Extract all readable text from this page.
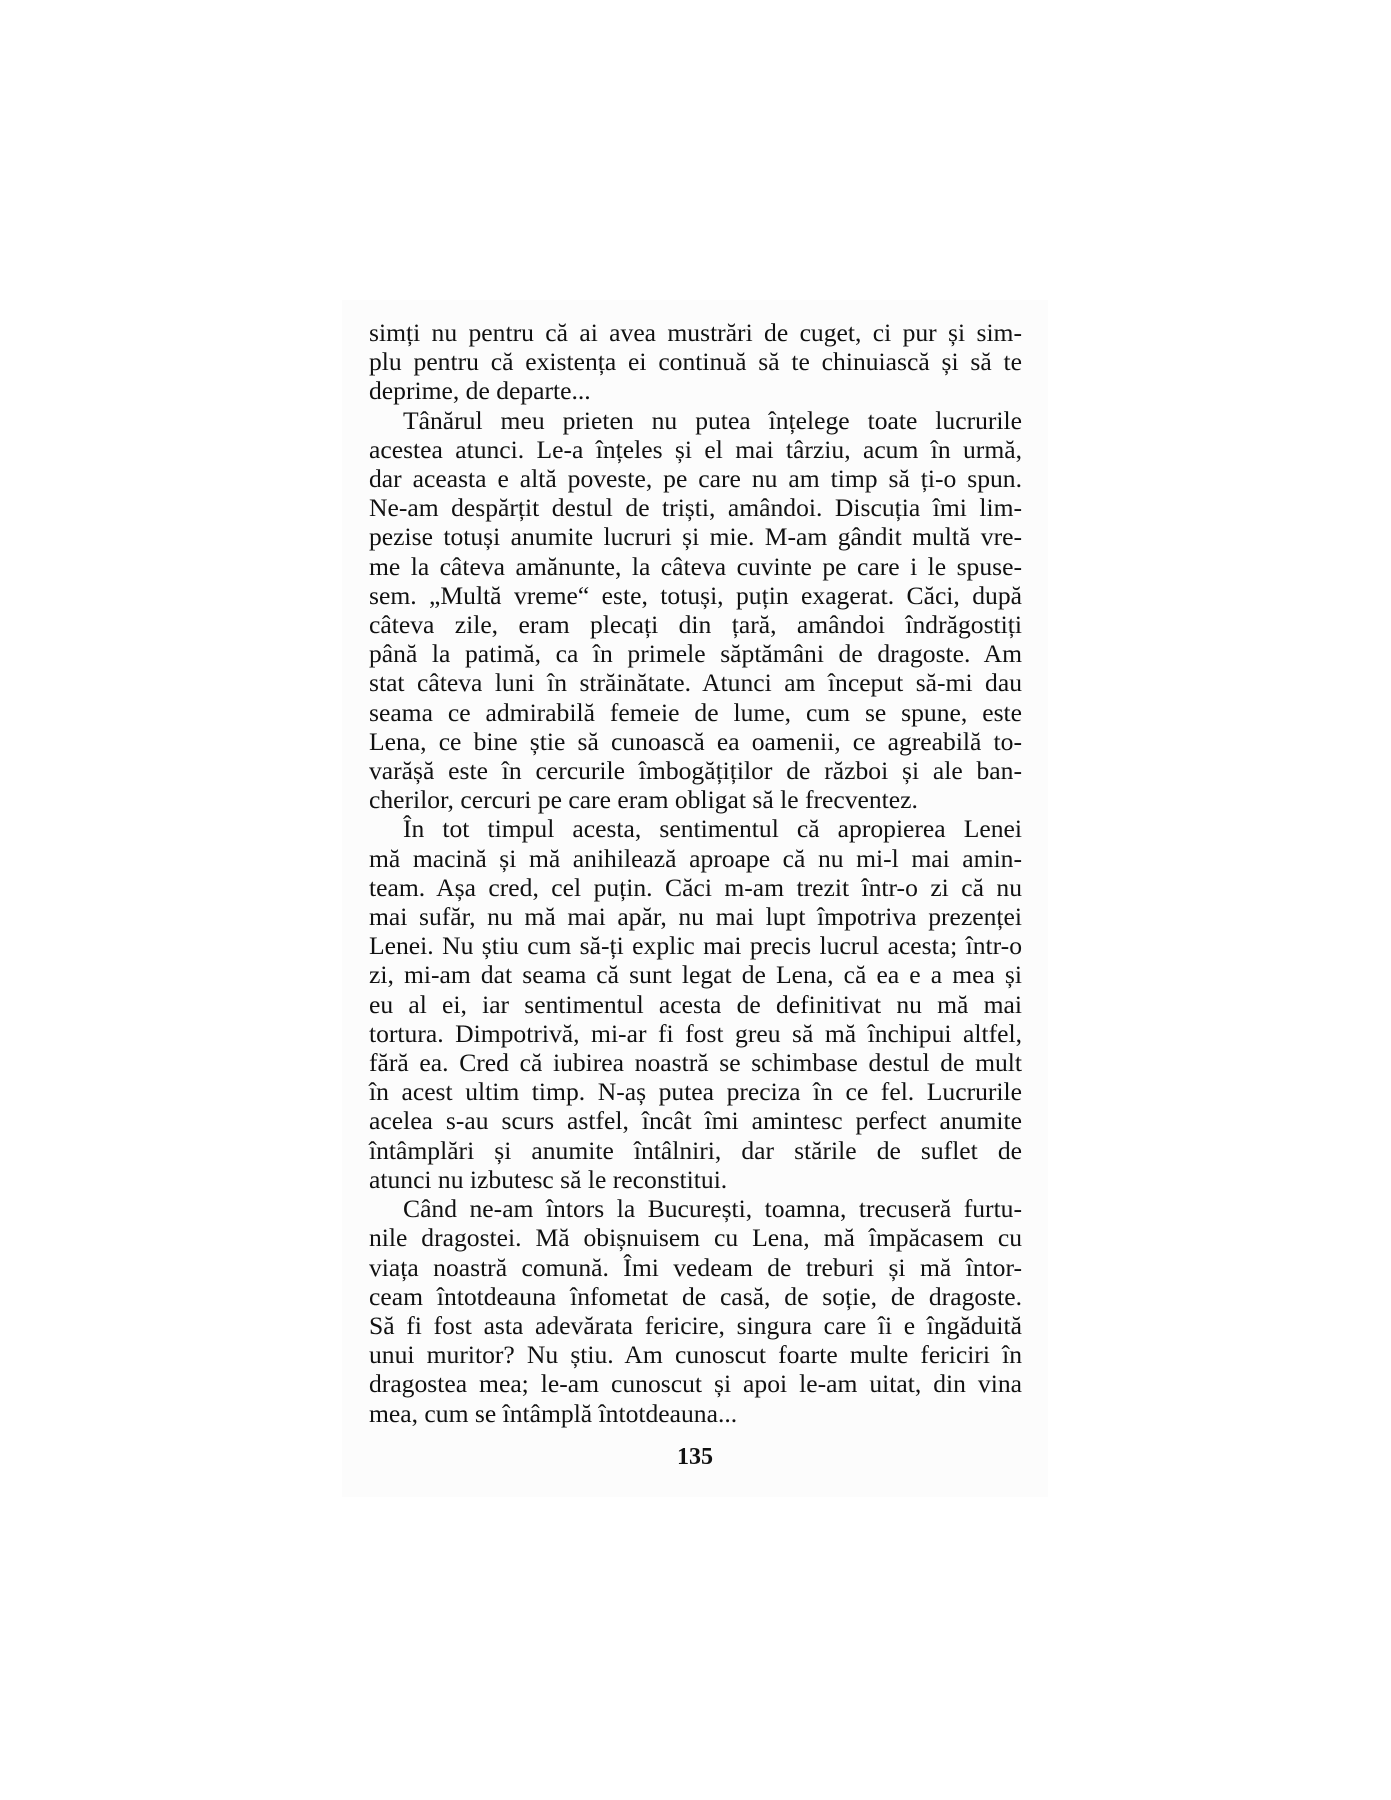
simți nu pentru că ai avea mustrări de cuget, ci pur și sim-
plu pentru că existența ei continuă să te chinuiască și să te
deprime, de departe...
Tânărul meu prieten nu putea înțelege toate lucrurile
acestea atunci. Le-a înțeles și el mai târziu, acum în urmă,
dar aceasta e altă poveste, pe care nu am timp să ți-o spun.
Ne-am despărțit destul de triști, amândoi. Discuția îmi lim-
pezise totuși anumite lucruri și mie. M-am gândit multă vre-
me la câteva amănunte, la câteva cuvinte pe care i le spuse-
sem. „Multă vreme“ este, totuși, puțin exagerat. Căci, după
câteva zile, eram plecați din țară, amândoi îndrăgostiți
până la patimă, ca în primele săptămâni de dragoste. Am
stat câteva luni în străinătate. Atunci am început să-mi dau
seama ce admirabilă femeie de lume, cum se spune, este
Lena, ce bine știe să cunoască ea oamenii, ce agreabilă to-
varășă este în cercurile îmbogățiților de război și ale ban-
cherilor, cercuri pe care eram obligat să le frecventez.
În tot timpul acesta, sentimentul că apropierea Lenei
mă macină și mă anihilează aproape că nu mi-l mai amin-
team. Așa cred, cel puțin. Căci m-am trezit într-o zi că nu
mai sufăr, nu mă mai apăr, nu mai lupt împotriva prezenței
Lenei. Nu știu cum să-ți explic mai precis lucrul acesta; într-o
zi, mi-am dat seama că sunt legat de Lena, că ea e a mea și
eu al ei, iar sentimentul acesta de definitivat nu mă mai
tortura. Dimpotrivă, mi-ar fi fost greu să mă închipui altfel,
fără ea. Cred că iubirea noastră se schimbase destul de mult
în acest ultim timp. N-aș putea preciza în ce fel. Lucrurile
acelea s-au scurs astfel, încât îmi amintesc perfect anumite
întâmplări și anumite întâlniri, dar stările de suflet de
atunci nu izbutesc să le reconstitui.
Când ne-am întors la București, toamna, trecuseră furtu-
nile dragostei. Mă obișnuisem cu Lena, mă împăcasem cu
viața noastră comună. Îmi vedeam de treburi și mă întor-
ceam întotdeauna înfometat de casă, de soție, de dragoste.
Să fi fost asta adevărata fericire, singura care îi e îngăduită
unui muritor? Nu știu. Am cunoscut foarte multe fericiri în
dragostea mea; le-am cunoscut și apoi le-am uitat, din vina
mea, cum se întâmplă întotdeauna...
135
